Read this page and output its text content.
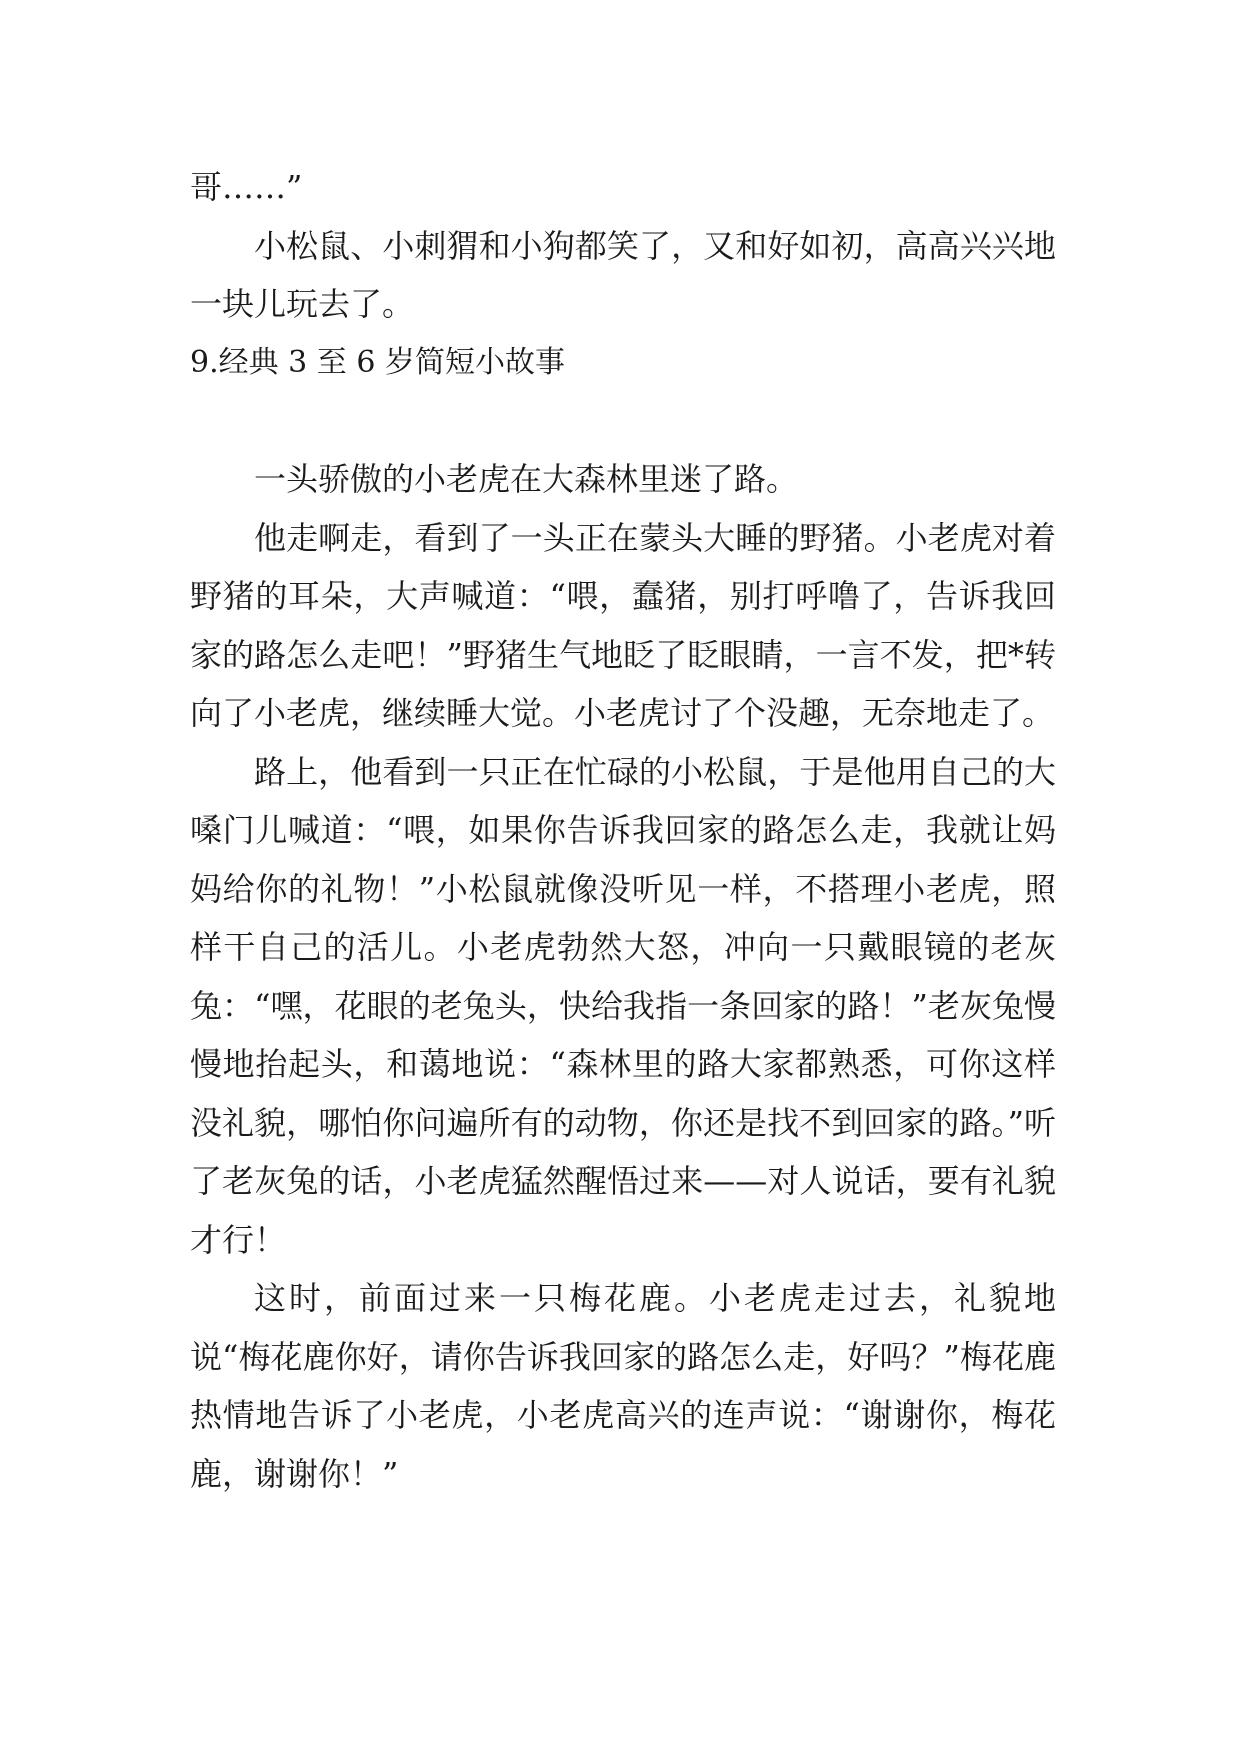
哥……”

小松鼠、小刺猬和小狗都笑了，又和好如初，高高兴兴地一块儿玩去了。

9.经典 3 至 6 岁简短小故事

一头骄傲的小老虎在大森林里迷了路。

他走啊走，看到了一头正在蒙头大睡的野猪。小老虎对着野猪的耳朵，大声喊道：“喂，蠢猪，别打呼噜了，告诉我回家的路怎么走吧！”野猪生气地眨了眨眼睛，一言不发，把*转向了小老虎，继续睡大觉。小老虎讨了个没趣，无奈地走了。

路上，他看到一只正在忙碌的小松鼠，于是他用自己的大嗓门儿喊道：“喂，如果你告诉我回家的路怎么走，我就让妈妈给你的礼物！”小松鼠就像没听见一样，不搭理小老虎，照样干自己的活儿。小老虎勃然大怒，冲向一只戴眼镜的老灰兔：“嘿，花眼的老兔头，快给我指一条回家的路！”老灰兔慢慢地抬起头，和蔼地说：“森林里的路大家都熟悉，可你这样没礼貌，哪怕你问遍所有的动物，你还是找不到回家的路。”听了老灰兔的话，小老虎猛然醒悟过来——对人说话，要有礼貌才行！

这时，前面过来一只梅花鹿。小老虎走过去，礼貌地说“梅花鹿你好，请你告诉我回家的路怎么走，好吗？”梅花鹿热情地告诉了小老虎，小老虎高兴的连声说：“谢谢你，梅花鹿，谢谢你！”
